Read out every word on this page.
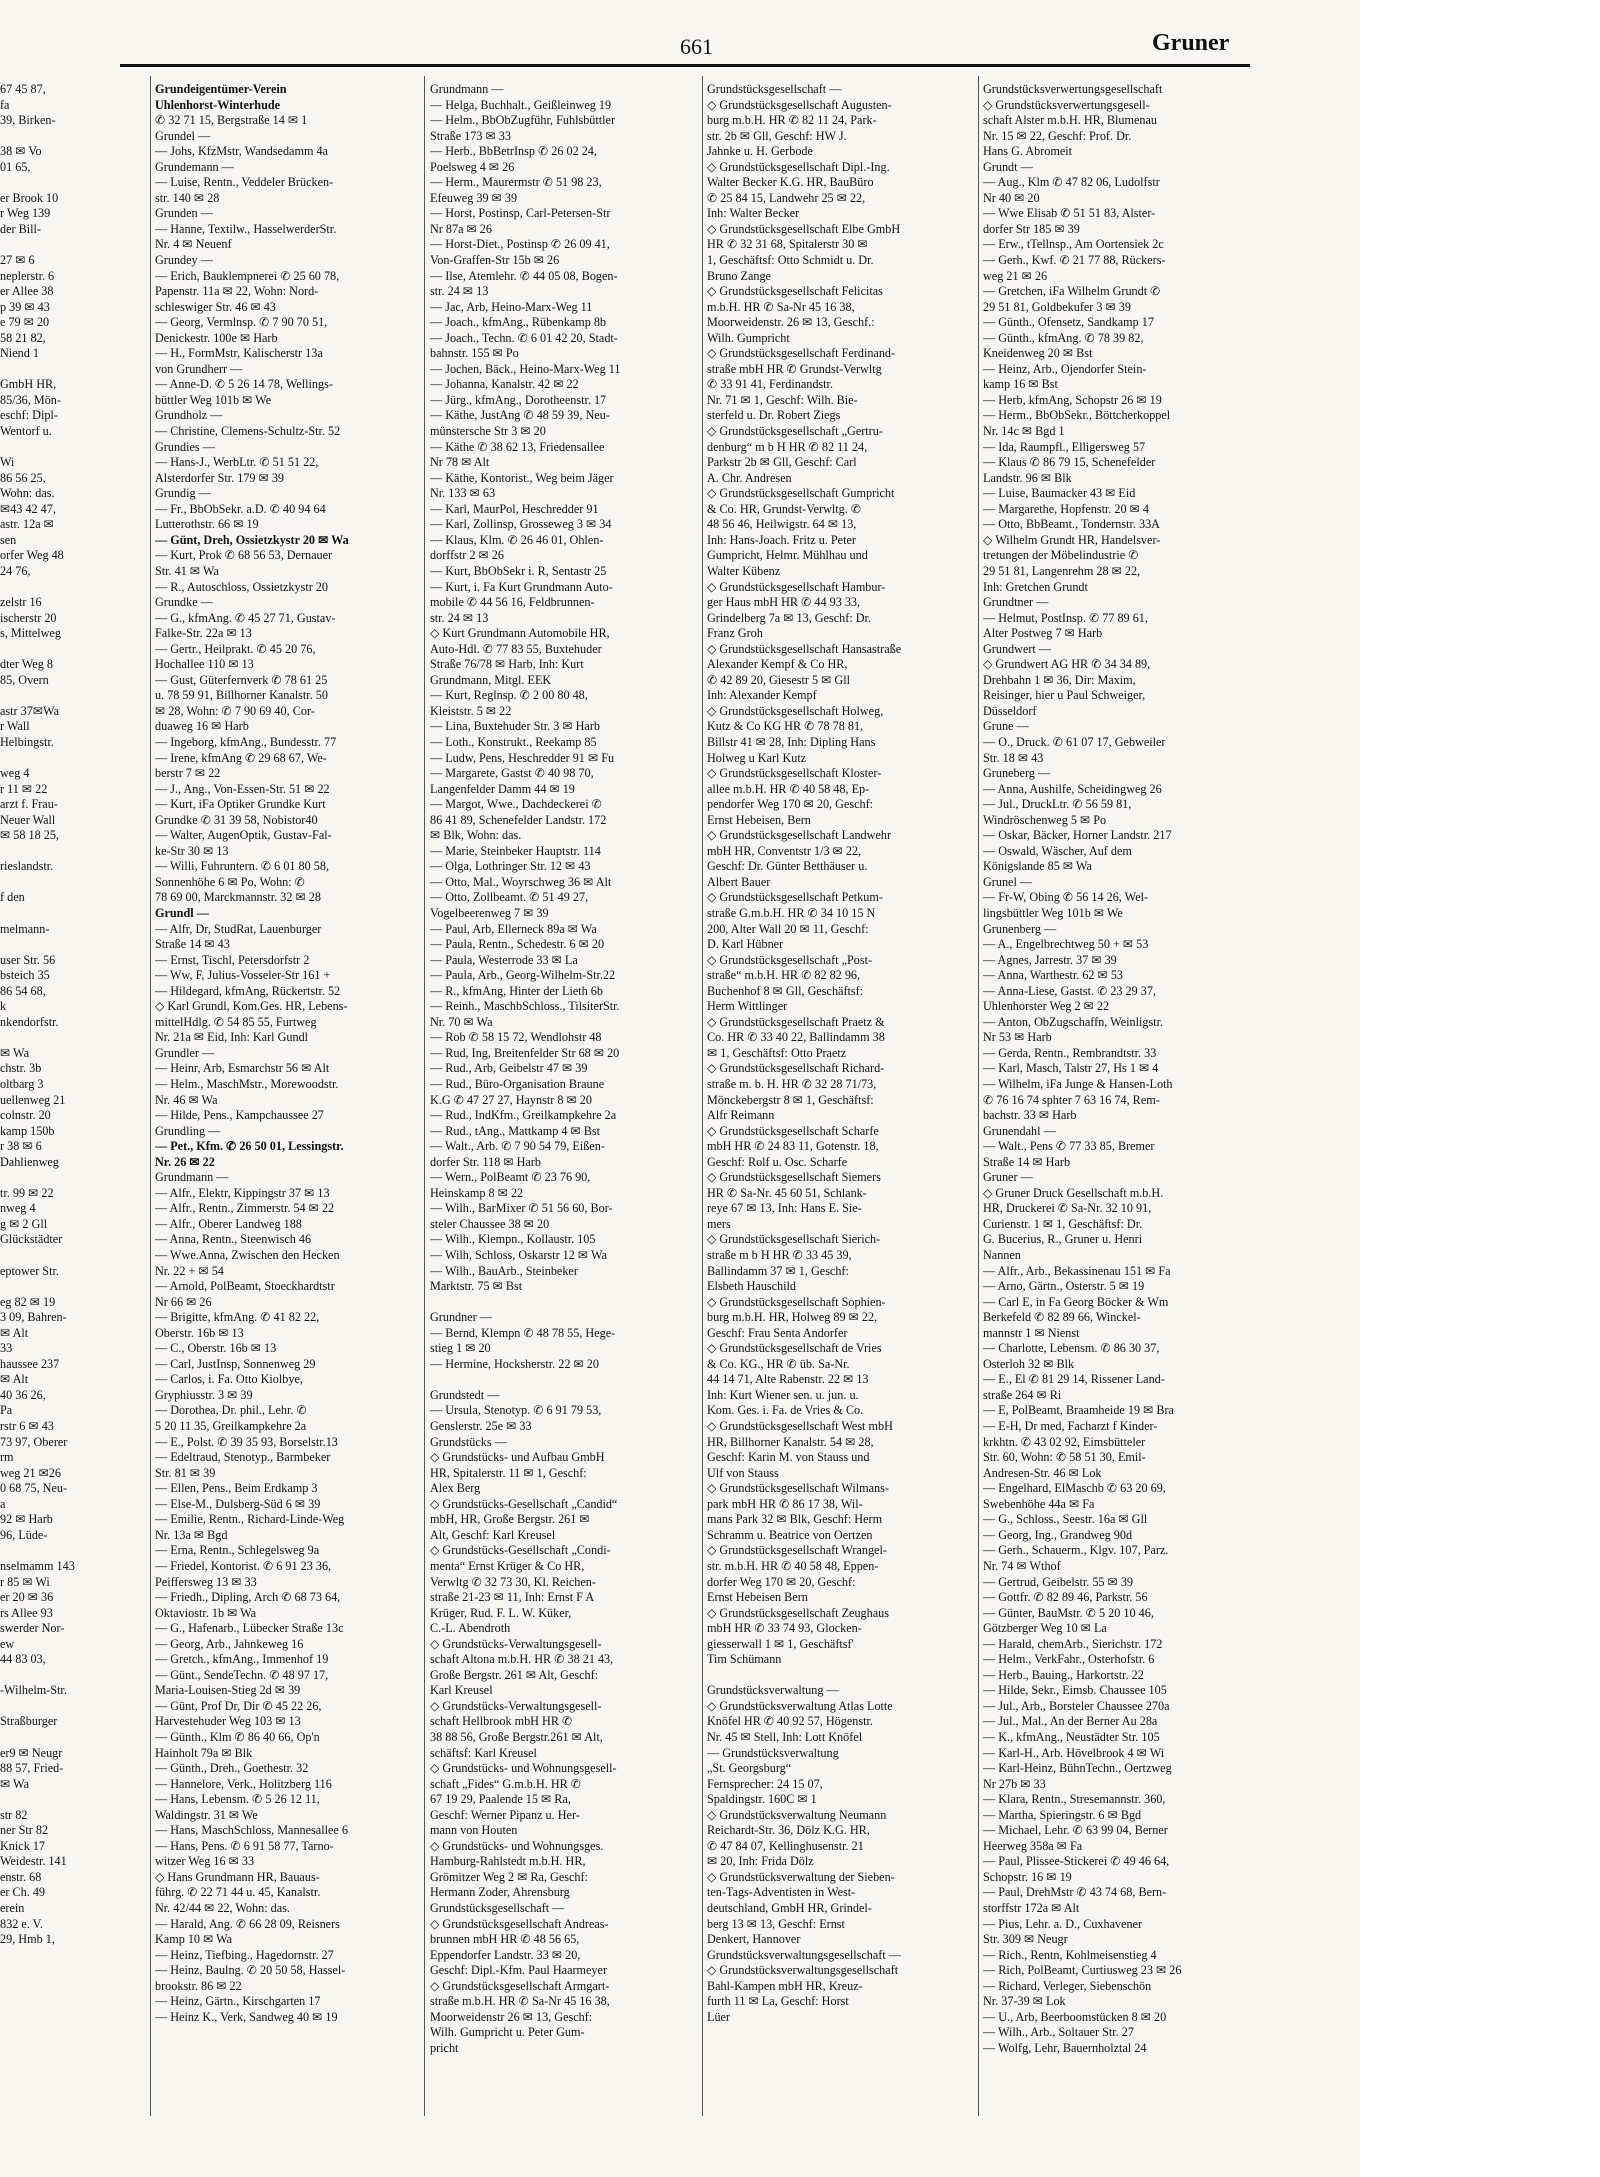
661	Gruner
67 45 87,
fa
39, Birken-
38 ✉ Vo
01 65,
er Brook 10
r Weg 139
der Bill-
27 ✉ 6
neplerstr. 6
er Allee 38
p 39 ✉ 43
e 79 ✉ 20
58 21 82,
Niend 1
GmbH HR,
85/36, Mön-
eschf: Dipl-
Wentorf u.
Wi
86 56 25,
Wohn: das.
✉43 42 47,
astr. 12a ✉
sen
orfer Weg 48
24 76,
zelstr 16
ischerstr 20
s, Mittelweg
dter Weg 8
85, Overn
astr 37✉Wa
r Wall
Helbingstr.
weg 4
r 11 ✉ 22
arzt f. Frau-
Neuer Wall
✉ 58 18 25,
rieslandstr.
f den
melmann-
user Str. 56
bsteich 35
86 54 68,
k
nkendorfstr.
✉ Wa
chstr. 3b
oltbarg 3
uellenweg 21
colnstr. 20
kamp 150b
r 38 ✉ 6
Dahlienweg
tr. 99 ✉ 22
nweg 4
g ✉ 2 Gll
Glückstädter
eptower Str.
eg 82 ✉ 19
3 09, Bahren-
✉ Alt
33
haussee 237
✉ Alt
40 36 26,
Pa
rstr 6 ✉ 43
73 97, Oberer
rm
weg 21 ✉26
0 68 75, Neu-
a
92 ✉ Harb
96, Lüde-
nselmamm 143
r 85 ✉ Wi
er 20 ✉ 36
rs Allee 93
swerder Nor-
ew
44 83 03,
-Wilhelm-Str.
Straßburger
er9 ✉ Neugr
88 57, Fried-
✉ Wa
str 82
ner Str 82
Knick 17
Weidestr. 141
enstr. 68
er Ch. 49
erein
832 e. V.
29, Hmb 1,
Grundeigentümer-Verein
Uhlenhorst-Winterhude
✆ 32 71 15, Bergstraße 14 ✉ 1
Grundel —
— Johs, KfzMstr, Wandsedamm 4a
Grundemann —
— Luise, Rentn., Veddeler Brücken-
str. 140 ✉ 28
Grunden —
— Hanne, Textilw., HasselwerderStr.
Nr. 4 ✉ Neuenf
Grundey —
— Erich, Bauklempnerei ✆ 25 60 78,
Papenstr. 11a ✉ 22, Wohn: Nord-
schleswiger Str. 46 ✉ 43
— Georg, Vermlnsp. ✆ 7 90 70 51,
Denickestr. 100e ✉ Harb
— H., FormMstr, Kalischerstr 13a
von Grundherr —
— Anne-D. ✆ 5 26 14 78, Wellings-
büttler Weg 101b ✉ We
Grundholz —
— Christine, Clemens-Schultz-Str. 52
Grundies —
— Hans-J., WerbLtr. ✆ 51 51 22,
Alsterdorfer Str. 179 ✉ 39
Grundig —
— Fr., BbObSekr. a.D. ✆ 40 94 64
Lutterothstr. 66 ✉ 19
— Günt, Dreh, Ossietzkystr 20 ✉ Wa
— Kurt, Prok ✆ 68 56 53, Dernauer
Str. 41 ✉ Wa
— R., Autoschloss, Ossietzkystr 20
Grundke —
— G., kfmAng. ✆ 45 27 71, Gustav-
Falke-Str. 22a ✉ 13
— Gertr., Heilprakt. ✆ 45 20 76,
Hochallee 110 ✉ 13
— Gust, Güterfernverk ✆ 78 61 25
u. 78 59 91, Billhorner Kanalstr. 50
✉ 28, Wohn: ✆ 7 90 69 40, Cor-
duaweg 16 ✉ Harb
— Ingeborg, kfmAng., Bundesstr. 77
— Irene, kfmAng ✆ 29 68 67, We-
berstr 7 ✉ 22
— J., Ang., Von-Essen-Str. 51 ✉ 22
— Kurt, iFa Optiker Grundke Kurt
Grundke ✆ 31 39 58, Nobistor40
— Walter, AugenOptik, Gustav-Fal-
ke-Str 30 ✉ 13
— Willi, Fuhruntern. ✆ 6 01 80 58,
Sonnenhöhe 6 ✉ Po, Wohn: ✆
78 69 00, Marckmannstr. 32 ✉ 28
Grundl —
— Alfr, Dr, StudRat, Lauenburger
Straße 14 ✉ 43
— Ernst, Tischl, Petersdorfstr 2
— Ww, F, Julius-Vosseler-Str 161 +
— Hildegard, kfmAng, Rückertstr. 52
◇ Karl Grundl, Kom.Ges. HR, Lebens-
mittelHdlg. ✆ 54 85 55, Furtweg
Nr. 21a ✉ Eid, Inh: Karl Gundl
Grundler —
— Heinr, Arb, Esmarchstr 56 ✉ Alt
— Helm., MaschMstr., Morewoodstr.
Nr. 46 ✉ Wa
— Hilde, Pens., Kampchaussee 27
Grundling —
— Pet., Kfm. ✆ 26 50 01, Lessingstr.
Nr. 26 ✉ 22
Grundmann —
— Alfr., Elektr, Kippingstr 37 ✉ 13
— Alfr., Rentn., Zimmerstr. 54 ✉ 22
— Alfr., Oberer Landweg 188
— Anna, Rentn., Steenwisch 46
— Wwe.Anna, Zwischen den Hecken
Nr. 22 + ✉ 54
— Arnold, PolBeamt, Stoeckhardtstr
Nr 66 ✉ 26
— Brigitte, kfmAng. ✆ 41 82 22,
Oberstr. 16b ✉ 13
— C., Oberstr. 16b ✉ 13
— Carl, JustInsp, Sonnenweg 29
— Carlos, i. Fa. Otto Kiolbye,
Gryphiusstr. 3 ✉ 39
— Dorothea, Dr. phil., Lehr. ✆
5 20 11 35, Greilkampkehre 2a
— E., Polst. ✆ 39 35 93, Borselstr.13
— Edeltraud, Stenotyp., Barmbeker
Str. 81 ✉ 39
— Ellen, Pens., Beim Erdkamp 3
— Else-M., Dulsberg-Süd 6 ✉ 39
— Emilie, Rentn., Richard-Linde-Weg
Nr. 13a ✉ Bgd
— Erna, Rentn., Schlegelsweg 9a
— Friedel, Kontorist. ✆ 6 91 23 36,
Peiffersweg 13 ✉ 33
— Friedh., Dipling, Arch ✆ 68 73 64,
Oktaviostr. 1b ✉ Wa
— G., Hafenarb., Lübecker Straße 13c
— Georg, Arb., Jahnkeweg 16
— Gretch., kfmAng., Immenhof 19
— Günt., SendeTechn. ✆ 48 97 17,
Maria-Louisen-Stieg 2d ✉ 39
— Günt, Prof Dr, Dir ✆ 45 22 26,
Harvestehuder Weg 103 ✉ 13
— Günth., Klm ✆ 86 40 66, Op'n
Hainholt 79a ✉ Blk
— Günth., Dreh., Goethestr. 32
— Hannelore, Verk., Holitzberg 116
— Hans, Lebensm. ✆ 5 26 12 11,
Waldingstr. 31 ✉ We
— Hans, MaschSchloss, Mannesallee 6
— Hans, Pens. ✆ 6 91 58 77, Tarno-
witzer Weg 16 ✉ 33
◇ Hans Grundmann HR, Bauaus-
führg. ✆ 22 71 44 u. 45, Kanalstr.
Nr. 42/44 ✉ 22, Wohn: das.
— Harald, Ang. ✆ 66 28 09, Reisners
Kamp 10 ✉ Wa
— Heinz, Tiefbing., Hagedornstr. 27
— Heinz, Baulng. ✆ 20 50 58, Hassel-
brookstr. 86 ✉ 22
— Heinz, Gärtn., Kirschgarten 17
— Heinz K., Verk, Sandweg 40 ✉ 19
Grundmann —
— Helga, Buchhalt., Geißleinweg 19
— Helm., BbObZugführ, Fuhlsbüttler
Straße 173 ✉ 33
— Herb., BbBetrInsp ✆ 26 02 24,
Poelsweg 4 ✉ 26
— Herm., Maurermstr ✆ 51 98 23,
Efeuweg 39 ✉ 39
— Horst, Postinsp, Carl-Petersen-Str
Nr 87a ✉ 26
— Horst-Diet., Postinsp ✆ 26 09 41,
Von-Graffen-Str 15b ✉ 26
— Ilse, Atemlehr. ✆ 44 05 08, Bogen-
str. 24 ✉ 13
— Jac, Arb, Heino-Marx-Weg 11
— Joach., kfmAng., Rübenkamp 8b
— Joach., Techn. ✆ 6 01 42 20, Stadt-
bahnstr. 155 ✉ Po
— Jochen, Bäck., Heino-Marx-Weg 11
— Johanna, Kanalstr. 42 ✉ 22
— Jürg., kfmAng., Dorotheenstr. 17
— Käthe, JustAng ✆ 48 59 39, Neu-
münstersche Str 3 ✉ 20
— Käthe ✆ 38 62 13, Friedensallee
Nr 78 ✉ Alt
— Käthe, Kontorist., Weg beim Jäger
Nr. 133 ✉ 63
— Karl, MaurPol, Heschredder 91
— Karl, Zollinsp, Grosseweg 3 ✉ 34
— Klaus, Klm. ✆ 26 46 01, Ohlen-
dorffstr 2 ✉ 26
— Kurt, BbObSekr i. R, Sentastr 25
— Kurt, i. Fa Kurt Grundmann Auto-
mobile ✆ 44 56 16, Feldbrunnen-
str. 24 ✉ 13
◇ Kurt Grundmann Automobile HR,
Auto-Hdl. ✆ 77 83 55, Buxtehuder
Straße 76/78 ✉ Harb, Inh: Kurt
Grundmann, Mitgl. EEK
— Kurt, Reglnsp. ✆ 2 00 80 48,
Kleiststr. 5 ✉ 22
— Lina, Buxtehuder Str. 3 ✉ Harb
— Loth., Konstrukt., Reekamp 85
— Ludw, Pens, Heschredder 91 ✉ Fu
— Margarete, Gastst ✆ 40 98 70,
Langenfelder Damm 44 ✉ 19
— Margot, Wwe., Dachdeckerei ✆
86 41 89, Schenefelder Landstr. 172
✉ Blk, Wohn: das.
— Marie, Steinbeker Hauptstr. 114
— Olga, Lothringer Str. 12 ✉ 43
— Otto, Mal., Woyrschweg 36 ✉ Alt
— Otto, Zollbeamt. ✆ 51 49 27,
Vogelbeerenweg 7 ✉ 39
— Paul, Arb, Ellerneck 89a ✉ Wa
— Paula, Rentn., Schedestr. 6 ✉ 20
— Paula, Westerrode 33 ✉ La
— Paula, Arb., Georg-Wilhelm-Str.22
— R., kfmAng, Hinter der Lieth 6b
— Reinh., MaschbSchloss., TilsiterStr.
Nr. 70 ✉ Wa
— Rob ✆ 58 15 72, Wendlohstr 48
— Rud, Ing, Breitenfelder Str 68 ✉ 20
— Rud., Arb, Geibelstr 47 ✉ 39
— Rud., Büro-Organisation Braune
K.G ✆ 47 27 27, Haynstr 8 ✉ 20
— Rud., IndKfm., Greilkampkehre 2a
— Rud., tAng., Mattkamp 4 ✉ Bst
— Walt., Arb. ✆ 7 90 54 79, Eißen-
dorfer Str. 118 ✉ Harb
— Wern., PolBeamt ✆ 23 76 90,
Heinskamp 8 ✉ 22
— Wilh., BarMixer ✆ 51 56 60, Bor-
steler Chaussee 38 ✉ 20
— Wilh., Klempn., Kollaustr. 105
— Wilh, Schloss, Oskarstr 12 ✉ Wa
— Wilh., BauArb., Steinbeker
Marktstr. 75 ✉ Bst
Grundner —
— Bernd, Klempn ✆ 48 78 55, Hege-
stieg 1 ✉ 20
— Hermine, Hocksherstr. 22 ✉ 20
Grundstedt —
— Ursula, Stenotyp. ✆ 6 91 79 53,
Genslerstr. 25e ✉ 33
Grundstücks —
◇ Grundstücks- und Aufbau GmbH
HR, Spitalerstr. 11 ✉ 1, Geschf:
Alex Berg
◇ Grundstücks-Gesellschaft „Candid“
mbH, HR, Große Bergstr. 261 ✉
Alt, Geschf: Karl Kreusel
◇ Grundstücks-Gesellschaft „Condi-
menta“ Ernst Krüger & Co HR,
Verwltg ✆ 32 73 30, Kl. Reichen-
straße 21-23 ✉ 11, Inh: Ernst F A
Krüger, Rud. F. L. W. Küker,
C.-L. Abendroth
◇ Grundstücks-Verwaltungsgesell-
schaft Altona m.b.H. HR ✆ 38 21 43,
Große Bergstr. 261 ✉ Alt, Geschf:
Karl Kreusel
◇ Grundstücks-Verwaltungsgesell-
schaft Hellbrook mbH HR ✆
38 88 56, Große Bergstr.261 ✉ Alt,
schäftsf: Karl Kreusel
◇ Grundstücks- und Wohnungsgesell-
schaft „Fides“ G.m.b.H. HR ✆
67 19 29, Paalende 15 ✉ Ra,
Geschf: Werner Pipanz u. Her-
mann von Houten
◇ Grundstücks- und Wohnungsges.
Hamburg-Rahlstedt m.b.H. HR,
Grömitzer Weg 2 ✉ Ra, Geschf:
Hermann Zoder, Ahrensburg
Grundstücksgesellschaft —
◇ Grundstücksgesellschaft Andreas-
brunnen mbH HR ✆ 48 56 65,
Eppendorfer Landstr. 33 ✉ 20,
Geschf: Dipl.-Kfm. Paul Haarmeyer
◇ Grundstücksgesellschaft Armgart-
straße m.b.H. HR ✆ Sa-Nr 45 16 38,
Moorweidenstr 26 ✉ 13, Geschf:
Wilh. Gumpricht u. Peter Gum-
pricht
Grundstücksgesellschaft —
◇ Grundstücksgesellschaft Augusten-
burg m.b.H. HR ✆ 82 11 24, Park-
str. 2b ✉ Gll, Geschf: HW J.
Jahnke u. H. Gerbode
◇ Grundstücksgesellschaft Dipl.-Ing.
Walter Becker K.G. HR, BauBüro
✆ 25 84 15, Landwehr 25 ✉ 22,
Inh: Walter Becker
◇ Grundstücksgesellschaft Elbe GmbH
HR ✆ 32 31 68, Spitalerstr 30 ✉
1, Geschäftsf: Otto Schmidt u. Dr.
Bruno Zange
◇ Grundstücksgesellschaft Felicitas
m.b.H. HR ✆ Sa-Nr 45 16 38,
Moorweidenstr. 26 ✉ 13, Geschf.:
Wilh. Gumpricht
◇ Grundstücksgesellschaft Ferdinand-
straße mbH HR ✆ Grundst-Verwltg
✆ 33 91 41, Ferdinandstr.
Nr. 71 ✉ 1, Geschf: Wilh. Bie-
sterfeld u. Dr. Robert Ziegs
◇ Grundstücksgesellschaft „Gertru-
denburg“ m b H HR ✆ 82 11 24,
Parkstr 2b ✉ Gll, Geschf: Carl
A. Chr. Andresen
◇ Grundstücksgesellschaft Gumpricht
& Co. HR, Grundst-Verwltg. ✆
48 56 46, Heilwigstr. 64 ✉ 13,
Inh: Hans-Joach. Fritz u. Peter
Gumpricht, Helmr. Mühlhau und
Walter Kübenz
◇ Grundstücksgesellschaft Hambur-
ger Haus mbH HR ✆ 44 93 33,
Grindelberg 7a ✉ 13, Geschf: Dr.
Franz Groh
◇ Grundstücksgesellschaft Hansastraße
Alexander Kempf & Co HR,
✆ 42 89 20, Giesestr 5 ✉ Gll
Inh: Alexander Kempf
◇ Grundstücksgesellschaft Holweg,
Kutz & Co KG HR ✆ 78 78 81,
Billstr 41 ✉ 28, Inh: Dipling Hans
Holweg u Karl Kutz
◇ Grundstücksgesellschaft Kloster-
allee m.b.H. HR ✆ 40 58 48, Ep-
pendorfer Weg 170 ✉ 20, Geschf:
Ernst Hebeisen, Bern
◇ Grundstücksgesellschaft Landwehr
mbH HR, Conventstr 1/3 ✉ 22,
Geschf: Dr. Günter Betthäuser u.
Albert Bauer
◇ Grundstücksgesellschaft Petkum-
straße G.m.b.H. HR ✆ 34 10 15 N
200, Alter Wall 20 ✉ 11, Geschf:
D. Karl Hübner
◇ Grundstücksgesellschaft „Post-
straße“ m.b.H. HR ✆ 82 82 96,
Buchenhof 8 ✉ Gll, Geschäftsf:
Herm Wittlinger
◇ Grundstücksgesellschaft Praetz &
Co. HR ✆ 33 40 22, Ballindamm 38
✉ 1, Geschäftsf: Otto Praetz
◇ Grundstücksgesellschaft Richard-
straße m. b. H. HR ✆ 32 28 71/73,
Mönckebergstr 8 ✉ 1, Geschäftsf:
Alfr Reimann
◇ Grundstücksgesellschaft Scharfe
mbH HR ✆ 24 83 11, Gotenstr. 18,
Geschf: Rolf u. Osc. Scharfe
◇ Grundstücksgesellschaft Siemers
HR ✆ Sa-Nr. 45 60 51, Schlank-
reye 67 ✉ 13, Inh: Hans E. Sie-
mers
◇ Grundstücksgesellschaft Sierich-
straße m b H HR ✆ 33 45 39,
Ballindamm 37 ✉ 1, Geschf:
Elsbeth Hauschild
◇ Grundstücksgesellschaft Sophien-
burg m.b.H. HR, Holweg 89 ✉ 22,
Geschf: Frau Senta Andorfer
◇ Grundstücksgesellschaft de Vries
& Co. KG., HR ✆ üb. Sa-Nr.
44 14 71, Alte Rabenstr. 22 ✉ 13
Inh: Kurt Wiener sen. u. jun. u.
Kom. Ges. i. Fa. de Vries & Co.
◇ Grundstücksgesellschaft West mbH
HR, Billhorner Kanalstr. 54 ✉ 28,
Geschf: Karin M. von Stauss und
Ulf von Stauss
◇ Grundstücksgesellschaft Wilmans-
park mbH HR ✆ 86 17 38, Wil-
mans Park 32 ✉ Blk, Geschf: Herm
Schramm u. Beatrice von Oertzen
◇ Grundstücksgesellschaft Wrangel-
str. m.b.H. HR ✆ 40 58 48, Eppen-
dorfer Weg 170 ✉ 20, Geschf:
Ernst Hebeisen Bern
◇ Grundstücksgesellschaft Zeughaus
mbH HR ✆ 33 74 93, Glocken-
giesserwall 1 ✉ 1, Geschäftsf'
Tim Schümann
Grundstücksverwaltung —
◇ Grundstücksverwaltung Atlas Lotte
Knöfel HR ✆ 40 92 57, Högenstr.
Nr. 45 ✉ Stell, Inh: Lott Knöfel
— Grundstücksverwaltung
„St. Georgsburg“
Fernsprecher: 24 15 07,
Spaldingstr. 160C ✉ 1
◇ Grundstücksverwaltung Neumann
Reichardt-Str. 36, Dölz K.G. HR,
✆ 47 84 07, Kellinghusenstr. 21
✉ 20, Inh: Frida Dölz
◇ Grundstücksverwaltung der Sieben-
ten-Tags-Adventisten in West-
deutschland, GmbH HR, Grindel-
berg 13 ✉ 13, Geschf: Ernst
Denkert, Hannover
Grundstücksverwaltungsgesellschaft —
◇ Grundstücksverwaltungsgesellschaft
Bahl-Kampen mbH HR, Kreuz-
furth 11 ✉ La, Geschf: Horst
Lüer
Grundstücksverwertungsgesellschaft
◇ Grundstücksverwertungsgesell-
schaft Alster m.b.H. HR, Blumenau
Nr. 15 ✉ 22, Geschf: Prof. Dr.
Hans G. Abromeit
Grundt —
— Aug., Klm ✆ 47 82 06, Ludolfstr
Nr 40 ✉ 20
— Wwe Elisab ✆ 51 51 83, Alster-
dorfer Str 185 ✉ 39
— Erw., tTellnsp., Am Oortensiek 2c
— Gerh., Kwf. ✆ 21 77 88, Rückers-
weg 21 ✉ 26
— Gretchen, iFa Wilhelm Grundt ✆
29 51 81, Goldbekufer 3 ✉ 39
— Günth., Ofensetz, Sandkamp 17
— Günth., kfmAng. ✆ 78 39 82,
Kneidenweg 20 ✉ Bst
— Heinz, Arb., Ojendorfer Stein-
kamp 16 ✉ Bst
— Herb, kfmAng, Schopstr 26 ✉ 19
— Herm., BbObSekr., Böttcherkoppel
Nr. 14c ✉ Bgd 1
— Ida, Raumpfl., Elligersweg 57
— Klaus ✆ 86 79 15, Schenefelder
Landstr. 96 ✉ Blk
— Luise, Baumacker 43 ✉ Eid
— Margarethe, Hopfenstr. 20 ✉ 4
— Otto, BbBeamt., Tondernstr. 33A
◇ Wilhelm Grundt HR, Handelsver-
tretungen der Möbelindustrie ✆
29 51 81, Langenrehm 28 ✉ 22,
Inh: Gretchen Grundt
Grundtner —
— Helmut, PostInsp. ✆ 77 89 61,
Alter Postweg 7 ✉ Harb
Grundwert —
◇ Grundwert AG HR ✆ 34 34 89,
Drehbahn 1 ✉ 36, Dir: Maxim,
Reisinger, hier u Paul Schweiger,
Düsseldorf
Grune —
— O., Druck. ✆ 61 07 17, Gebweiler
Str. 18 ✉ 43
Gruneberg —
— Anna, Aushilfe, Scheidingweg 26
— Jul., DruckLtr. ✆ 56 59 81,
Windröschenweg 5 ✉ Po
— Oskar, Bäcker, Horner Landstr. 217
— Oswald, Wäscher, Auf dem
Königslande 85 ✉ Wa
Grunel —
— Fr-W, Obing ✆ 56 14 26, Wel-
lingsbüttler Weg 101b ✉ We
Grunenberg —
— A., Engelbrechtweg 50 + ✉ 53
— Agnes, Jarrestr. 37 ✉ 39
— Anna, Warthestr. 62 ✉ 53
— Anna-Liese, Gastst. ✆ 23 29 37,
Uhlenhorster Weg 2 ✉ 22
— Anton, ObZugschaffn, Weinligstr.
Nr 53 ✉ Harb
— Gerda, Rentn., Rembrandtstr. 33
— Karl, Masch, Talstr 27, Hs 1 ✉ 4
— Wilhelm, iFa Junge & Hansen-Loth
✆ 76 16 74 sphter 7 63 16 74, Rem-
bachstr. 33 ✉ Harb
Grunendahl —
— Walt., Pens ✆ 77 33 85, Bremer
Straße 14 ✉ Harb
Gruner —
◇ Gruner Druck Gesellschaft m.b.H.
HR, Druckerei ✆ Sa-Nr. 32 10 91,
Curienstr. 1 ✉ 1, Geschäftsf: Dr.
G. Bucerius, R., Gruner u. Henri
Nannen
— Alfr., Arb., Bekassinenau 151 ✉ Fa
— Arno, Gärtn., Osterstr. 5 ✉ 19
— Carl E, in Fa Georg Böcker & Wm
Berkefeld ✆ 82 89 66, Winckel-
mannstr 1 ✉ Nienst
— Charlotte, Lebensm. ✆ 86 30 37,
Osterloh 32 ✉ Blk
— E., El ✆ 81 29 14, Rissener Land-
straße 264 ✉ Ri
— E, PolBeamt, Braamheide 19 ✉ Bra
— E-H, Dr med, Facharzt f Kinder-
krkhtn. ✆ 43 02 92, Eimsbütteler
Str. 60, Wohn: ✆ 58 51 30, Emil-
Andresen-Str. 46 ✉ Lok
— Engelhard, ElMaschb ✆ 63 20 69,
Swebenhöhe 44a ✉ Fa
— G., Schloss., Seestr. 16a ✉ Gll
— Georg, Ing., Grandweg 90d
— Gerh., Schauerm., Klgv. 107, Parz.
Nr. 74 ✉ Wthof
— Gertrud, Geibelstr. 55 ✉ 39
— Gottfr. ✆ 82 89 46, Parkstr. 56
— Günter, BauMstr. ✆ 5 20 10 46,
Götzberger Weg 10 ✉ La
— Harald, chemArb., Sierichstr. 172
— Helm., VerkFahr., Osterhofstr. 6
— Herb., Bauing., Harkortstr. 22
— Hilde, Sekr., Eimsb. Chaussee 105
— Jul., Arb., Borsteler Chaussee 270a
— Jul., Mal., An der Berner Au 28a
— K., kfmAng., Neustädter Str. 105
— Karl-H., Arb. Hövelbrook 4 ✉ Wi
— Karl-Heinz, BühnTechn., Oertzweg
Nr 27b ✉ 33
— Klara, Rentn., Stresemannstr. 360,
— Martha, Spieringstr. 6 ✉ Bgd
— Michael, Lehr. ✆ 63 99 04, Berner
Heerweg 358a ✉ Fa
— Paul, Plissee-Stickerei ✆ 49 46 64,
Schopstr. 16 ✉ 19
— Paul, DrehMstr ✆ 43 74 68, Bern-
storffstr 172a ✉ Alt
— Pius, Lehr. a. D., Cuxhavener
Str. 309 ✉ Neugr
— Rich., Rentn, Kohlmeisenstieg 4
— Rich, PolBeamt, Curtiusweg 23 ✉ 26
— Richard, Verleger, Siebenschön
Nr. 37-39 ✉ Lok
— U., Arb, Beerboomstücken 8 ✉ 20
— Wilh., Arb., Soltauer Str. 27
— Wolfg, Lehr, Bauernholztal 24
